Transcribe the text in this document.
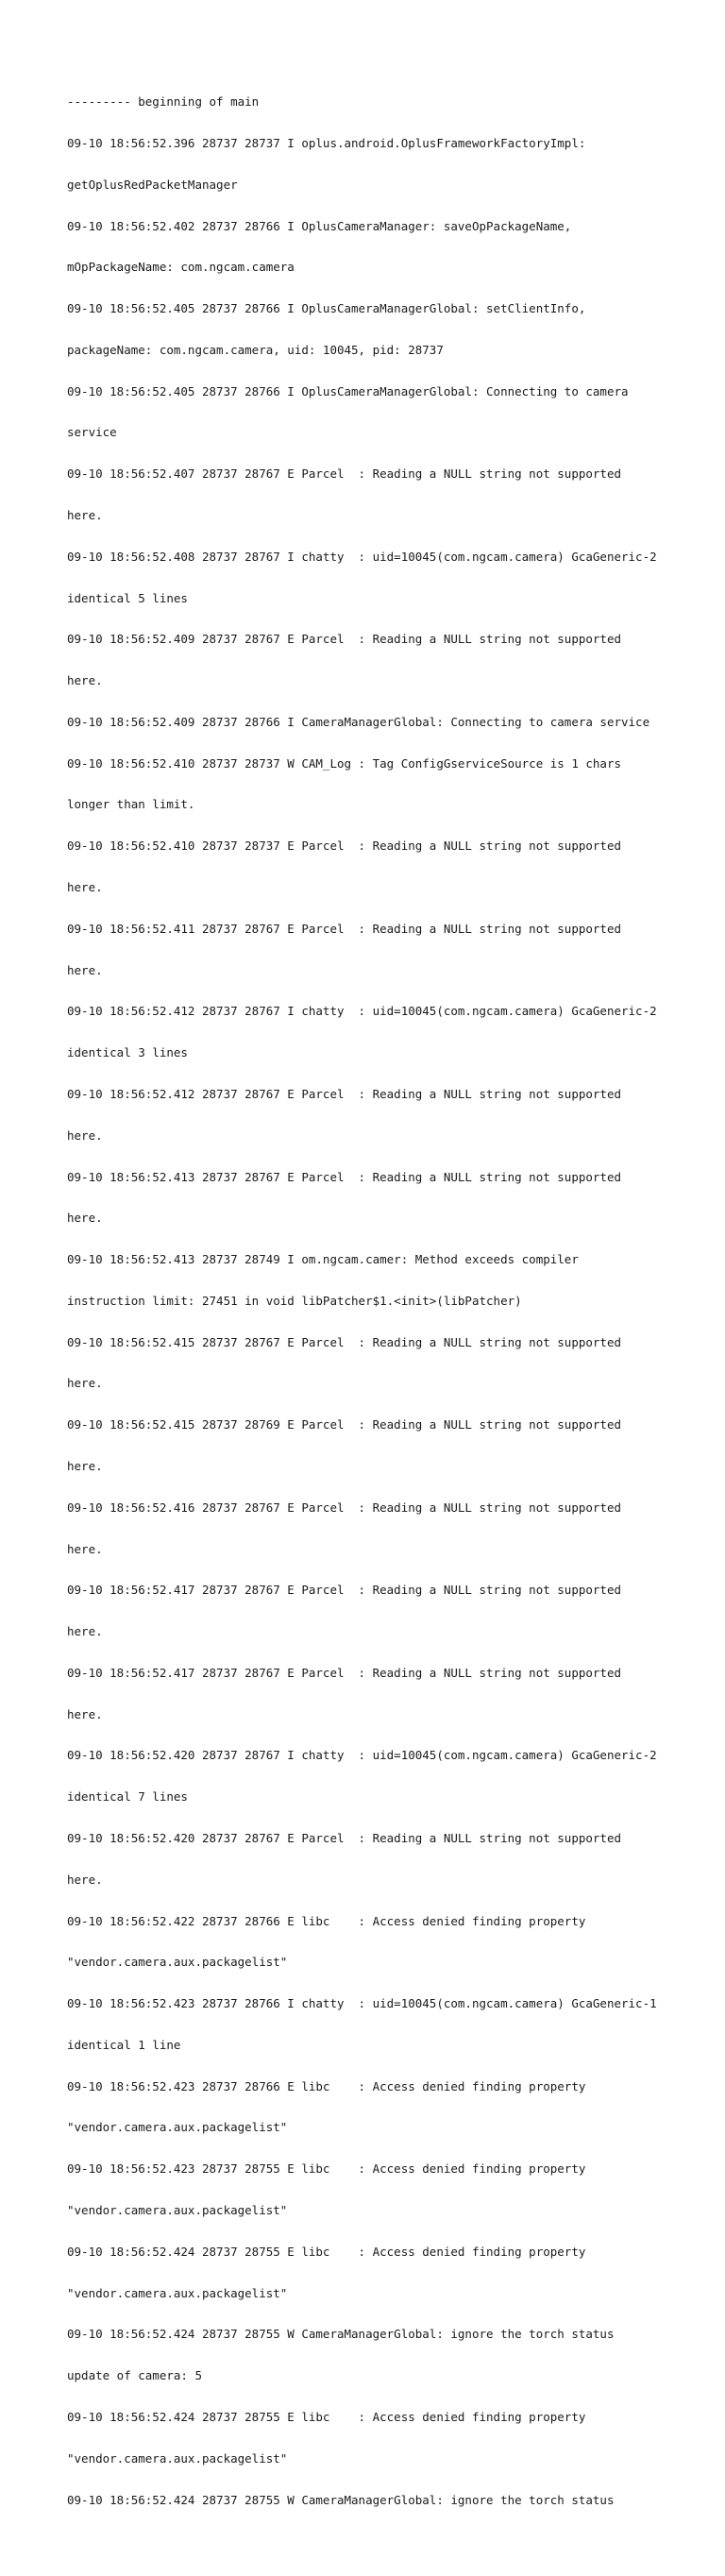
--------- beginning of main

09-10 18:56:52.396 28737 28737 I oplus.android.OplusFrameworkFactoryImpl:

getOplusRedPacketManager

09-10 18:56:52.402 28737 28766 I OplusCameraManager: saveOpPackageName,

mOpPackageName: com.ngcam.camera

09-10 18:56:52.405 28737 28766 I OplusCameraManagerGlobal: setClientInfo,

packageName: com.ngcam.camera, uid: 10045, pid: 28737

09-10 18:56:52.405 28737 28766 I OplusCameraManagerGlobal: Connecting to camera

service

09-10 18:56:52.407 28737 28767 E Parcel  : Reading a NULL string not supported

here.

09-10 18:56:52.408 28737 28767 I chatty  : uid=10045(com.ngcam.camera) GcaGeneric-2

identical 5 lines

09-10 18:56:52.409 28737 28767 E Parcel  : Reading a NULL string not supported

here.

09-10 18:56:52.409 28737 28766 I CameraManagerGlobal: Connecting to camera service

09-10 18:56:52.410 28737 28737 W CAM_Log : Tag ConfigGserviceSource is 1 chars

longer than limit.

09-10 18:56:52.410 28737 28737 E Parcel  : Reading a NULL string not supported

here.

09-10 18:56:52.411 28737 28767 E Parcel  : Reading a NULL string not supported

here.

09-10 18:56:52.412 28737 28767 I chatty  : uid=10045(com.ngcam.camera) GcaGeneric-2

identical 3 lines

09-10 18:56:52.412 28737 28767 E Parcel  : Reading a NULL string not supported

here.

09-10 18:56:52.413 28737 28767 E Parcel  : Reading a NULL string not supported

here.

09-10 18:56:52.413 28737 28749 I om.ngcam.camer: Method exceeds compiler

instruction limit: 27451 in void libPatcher$1.<init>(libPatcher)

09-10 18:56:52.415 28737 28767 E Parcel  : Reading a NULL string not supported

here.

09-10 18:56:52.415 28737 28769 E Parcel  : Reading a NULL string not supported

here.

09-10 18:56:52.416 28737 28767 E Parcel  : Reading a NULL string not supported

here.

09-10 18:56:52.417 28737 28767 E Parcel  : Reading a NULL string not supported

here.

09-10 18:56:52.417 28737 28767 E Parcel  : Reading a NULL string not supported

here.

09-10 18:56:52.420 28737 28767 I chatty  : uid=10045(com.ngcam.camera) GcaGeneric-2

identical 7 lines

09-10 18:56:52.420 28737 28767 E Parcel  : Reading a NULL string not supported

here.

09-10 18:56:52.422 28737 28766 E libc    : Access denied finding property

"vendor.camera.aux.packagelist"

09-10 18:56:52.423 28737 28766 I chatty  : uid=10045(com.ngcam.camera) GcaGeneric-1

identical 1 line

09-10 18:56:52.423 28737 28766 E libc    : Access denied finding property

"vendor.camera.aux.packagelist"

09-10 18:56:52.423 28737 28755 E libc    : Access denied finding property

"vendor.camera.aux.packagelist"

09-10 18:56:52.424 28737 28755 E libc    : Access denied finding property

"vendor.camera.aux.packagelist"

09-10 18:56:52.424 28737 28755 W CameraManagerGlobal: ignore the torch status

update of camera: 5

09-10 18:56:52.424 28737 28755 E libc    : Access denied finding property

"vendor.camera.aux.packagelist"

09-10 18:56:52.424 28737 28755 W CameraManagerGlobal: ignore the torch status
